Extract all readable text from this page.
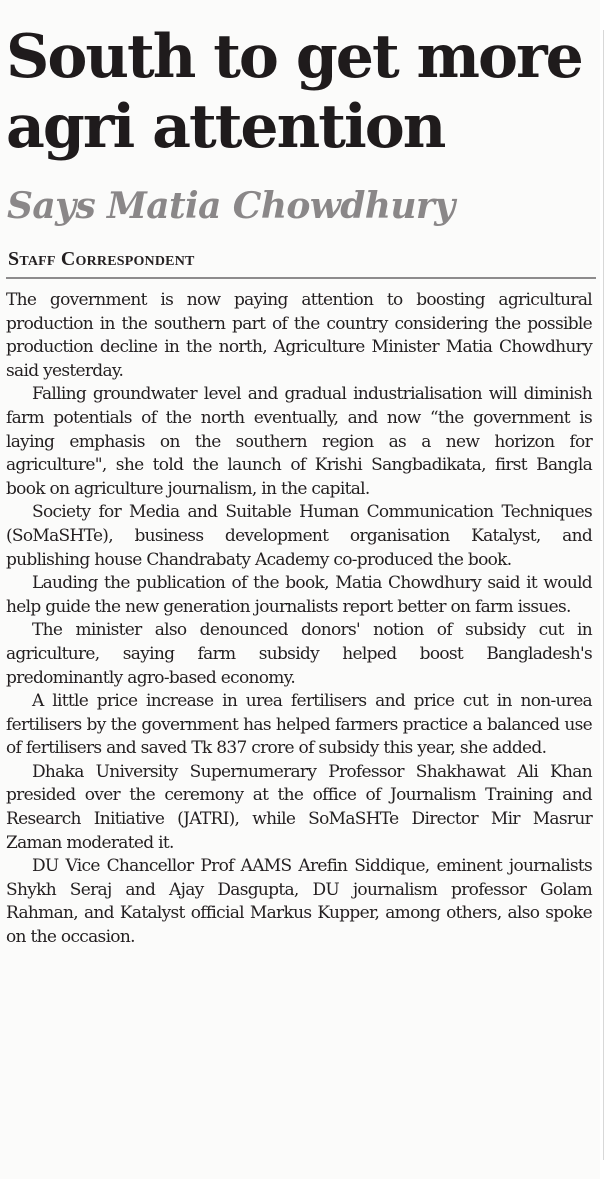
South to get more
agri attention
Says Matia Chowdhury
Staff Correspondent

The government is now paying attention to boosting agricultural production in the southern part of the country considering the possible production decline in the north, Agriculture Minister Matia Chowdhury said yesterday.

Falling groundwater level and gradual industrialisation will diminish farm potentials of the north eventually, and now “the government is laying emphasis on the southern region as a new horizon for agriculture", she told the launch of Krishi Sangbadikata, first Bangla book on agriculture journalism, in the capital.

Society for Media and Suitable Human Communication Techniques (SoMaSHTe), business development organisation Katalyst, and publishing house Chandrabaty Academy co-produced the book.

Lauding the publication of the book, Matia Chowdhury said it would help guide the new generation journalists report better on farm issues.

The minister also denounced donors' notion of subsidy cut in agriculture, saying farm subsidy helped boost Bangladesh's predominantly agro-based economy.

A little price increase in urea fertilisers and price cut in non-urea fertilisers by the government has helped farmers practice a balanced use of fertilisers and saved Tk 837 crore of subsidy this year, she added.

Dhaka University Supernumerary Professor Shakhawat Ali Khan presided over the ceremony at the office of Journalism Training and Research Initiative (JATRI), while SoMaSHTe Director Mir Masrur Zaman moderated it.

DU Vice Chancellor Prof AAMS Arefin Siddique, eminent journalists Shykh Seraj and Ajay Dasgupta, DU journalism professor Golam Rahman, and Katalyst official Markus Kupper, among others, also spoke on the occasion.
